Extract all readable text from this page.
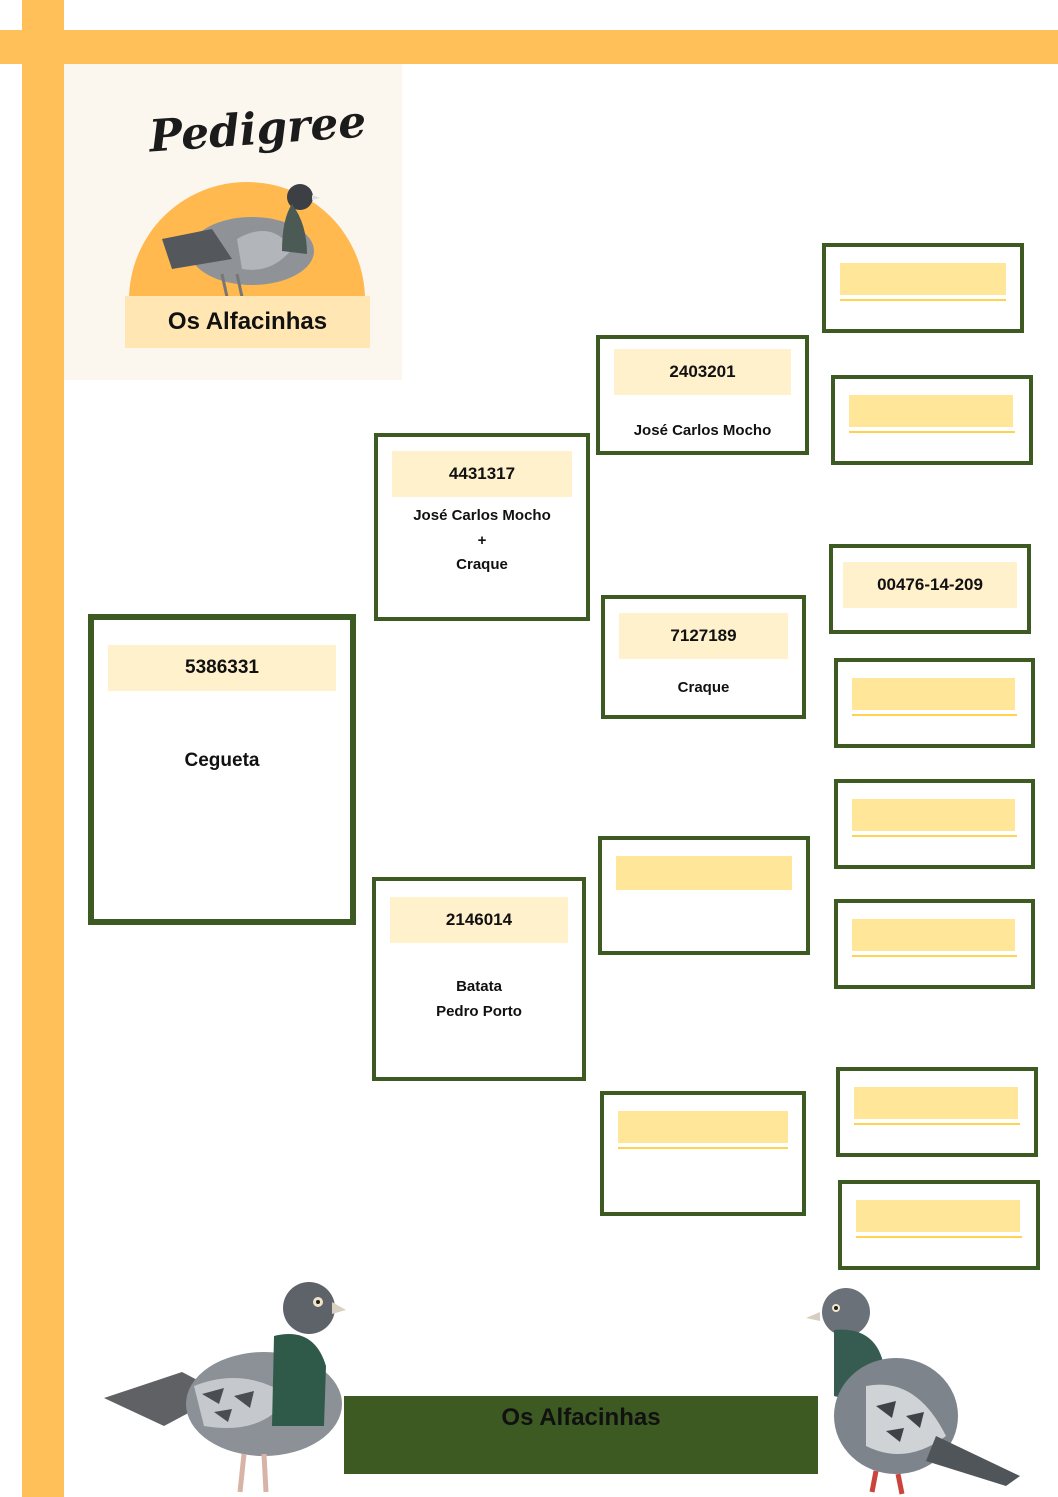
Pedigree
Os Alfacinhas
5386331
Cegueta
4431317
José Carlos Mocho
+
Craque
2146014
Batata
Pedro Porto
2403201
José Carlos Mocho
7127189
Craque
00476-14-209
Os Alfacinhas
